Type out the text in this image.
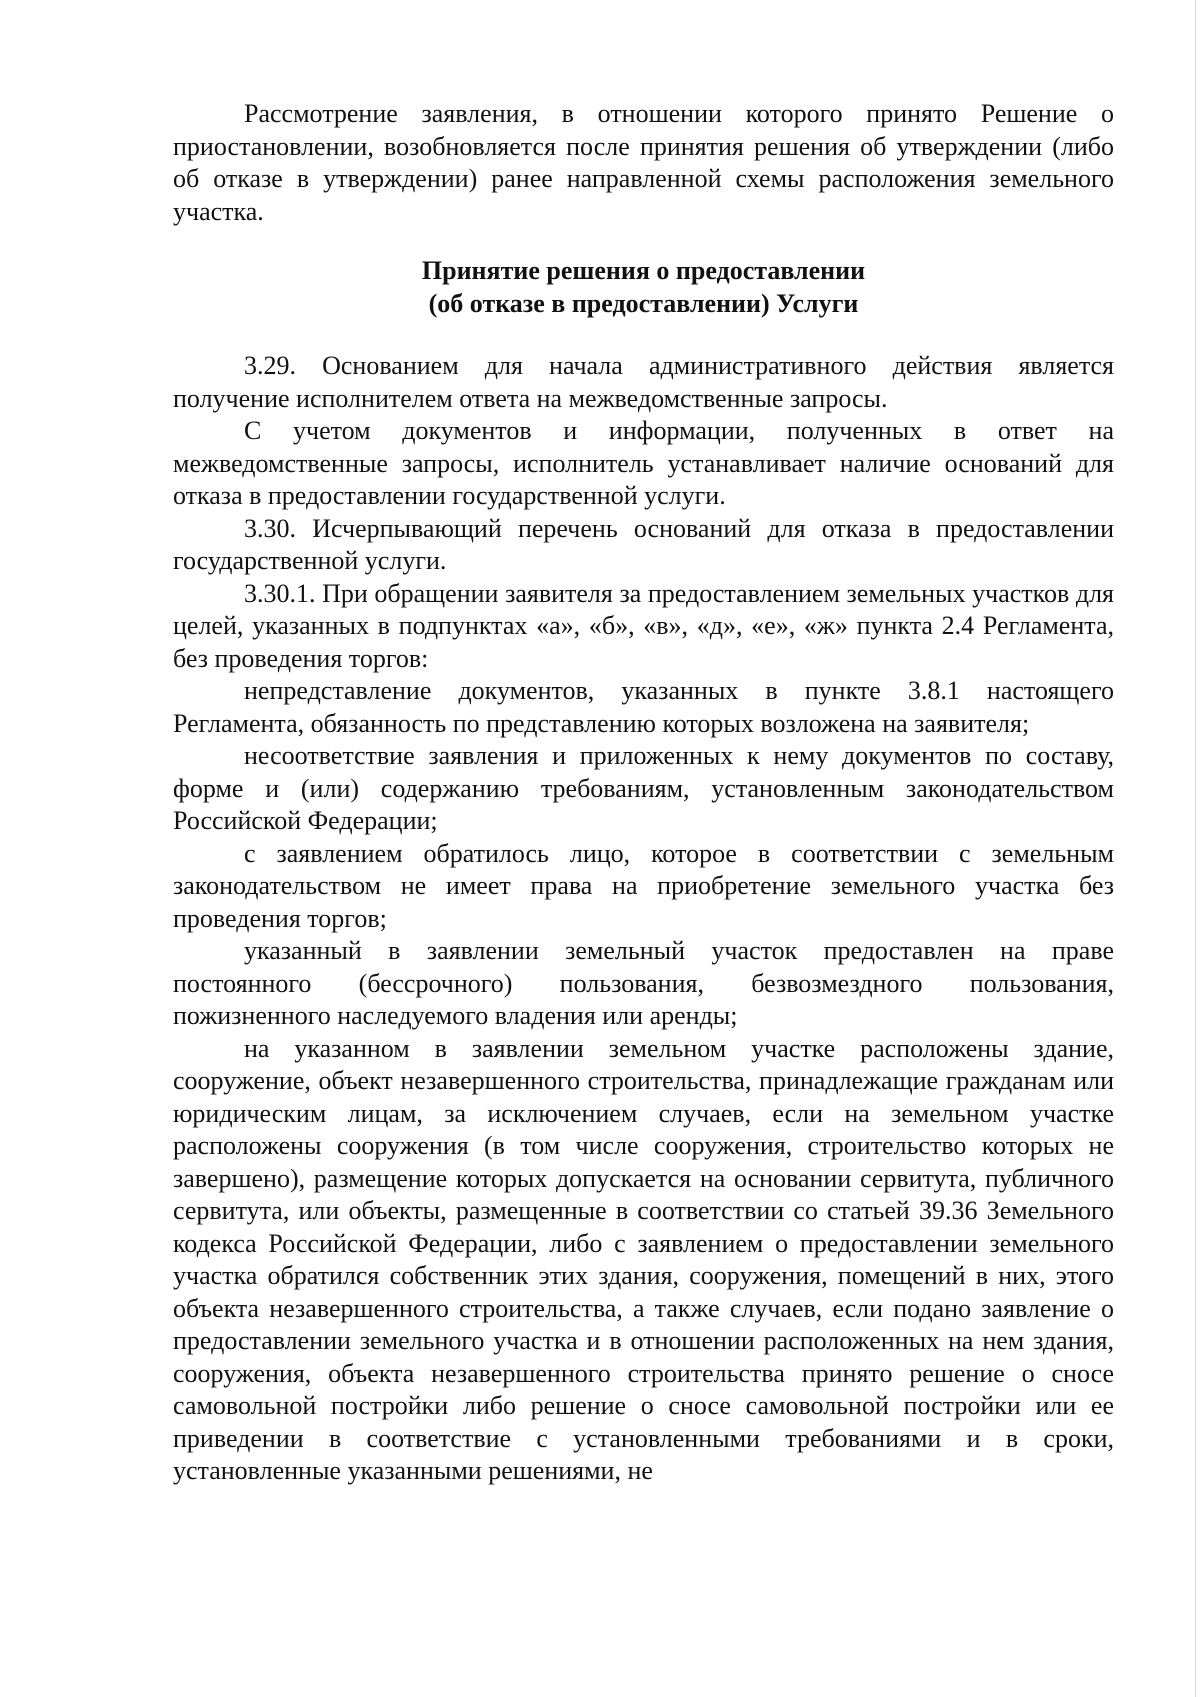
Рассмотрение заявления, в отношении которого принято Решение о приостановлении, возобновляется после принятия решения об утверждении (либо об отказе в утверждении) ранее направленной схемы расположения земельного участка.

Принятие решения о предоставлении
(об отказе в предоставлении) Услуги

3.29. Основанием для начала административного действия является получение исполнителем ответа на межведомственные запросы.

С учетом документов и информации, полученных в ответ на межведомственные запросы, исполнитель устанавливает наличие оснований для отказа в предоставлении государственной услуги.

3.30. Исчерпывающий перечень оснований для отказа в предоставлении государственной услуги.

3.30.1. При обращении заявителя за предоставлением земельных участков для целей, указанных в подпунктах «а», «б», «в», «д», «е», «ж» пункта 2.4 Регламента, без проведения торгов:

непредставление документов, указанных в пункте 3.8.1 настоящего Регламента, обязанность по представлению которых возложена на заявителя;

несоответствие заявления и приложенных к нему документов по составу, форме и (или) содержанию требованиям, установленным законодательством Российской Федерации;

с заявлением обратилось лицо, которое в соответствии с земельным законодательством не имеет права на приобретение земельного участка без проведения торгов;

указанный в заявлении земельный участок предоставлен на праве постоянного (бессрочного) пользования, безвозмездного пользования, пожизненного наследуемого владения или аренды;

на указанном в заявлении земельном участке расположены здание, сооружение, объект незавершенного строительства, принадлежащие гражданам или юридическим лицам, за исключением случаев, если на земельном участке расположены сооружения (в том числе сооружения, строительство которых не завершено), размещение которых допускается на основании сервитута, публичного сервитута, или объекты, размещенные в соответствии со статьей 39.36 Земельного кодекса Российской Федерации, либо с заявлением о предоставлении земельного участка обратился собственник этих здания, сооружения, помещений в них, этого объекта незавершенного строительства, а также случаев, если подано заявление о предоставлении земельного участка и в отношении расположенных на нем здания, сооружения, объекта незавершенного строительства принято решение о сносе самовольной постройки либо решение о сносе самовольной постройки или ее приведении в соответствие с установленными требованиями и в сроки, установленные указанными решениями, не
